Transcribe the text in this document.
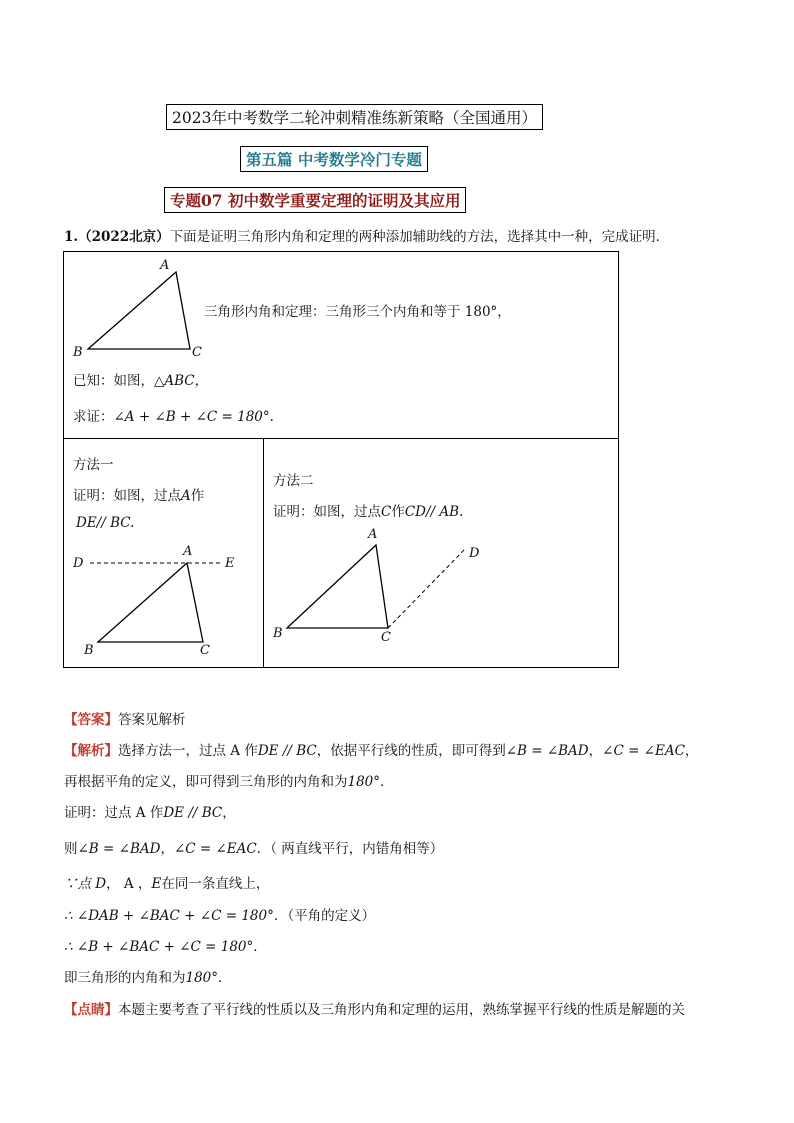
2023年中考数学二轮冲刺精准练新策略（全国通用）
第五篇 中考数学冷门专题
专题07 初中数学重要定理的证明及其应用
1.（2022北京）下面是证明三角形内角和定理的两种添加辅助线的方法，选择其中一种，完成证明．
A
B	C
D
A
E
B	C
A
B	C
D
三角形内角和定理：三角形三个内角和等于 180°，
已知：如图，△ABC，
求证：∠A + ∠B + ∠C = 180°.
方法一
证明：如图，过点A作
DE// BC.
方法二
证明：如图，过点C作CD// AB.
【答案】答案见解析
【解析】选择方法一，过点 A 作DE // BC，依据平行线的性质，即可得到∠B = ∠BAD，∠C = ∠EAC，
再根据平角的定义，即可得到三角形的内角和为180°．
证明：过点 A 作DE // BC，
则∠B = ∠BAD，∠C = ∠EAC．（ 两直线平行，内错角相等）
∵点 D， A ，E在同一条直线上，
∴ ∠DAB + ∠BAC + ∠C = 180°．（平角的定义）
∴ ∠B + ∠BAC + ∠C = 180°．
即三角形的内角和为180°．
【点睛】本题主要考查了平行线的性质以及三角形内角和定理的运用，熟练掌握平行线的性质是解题的关
